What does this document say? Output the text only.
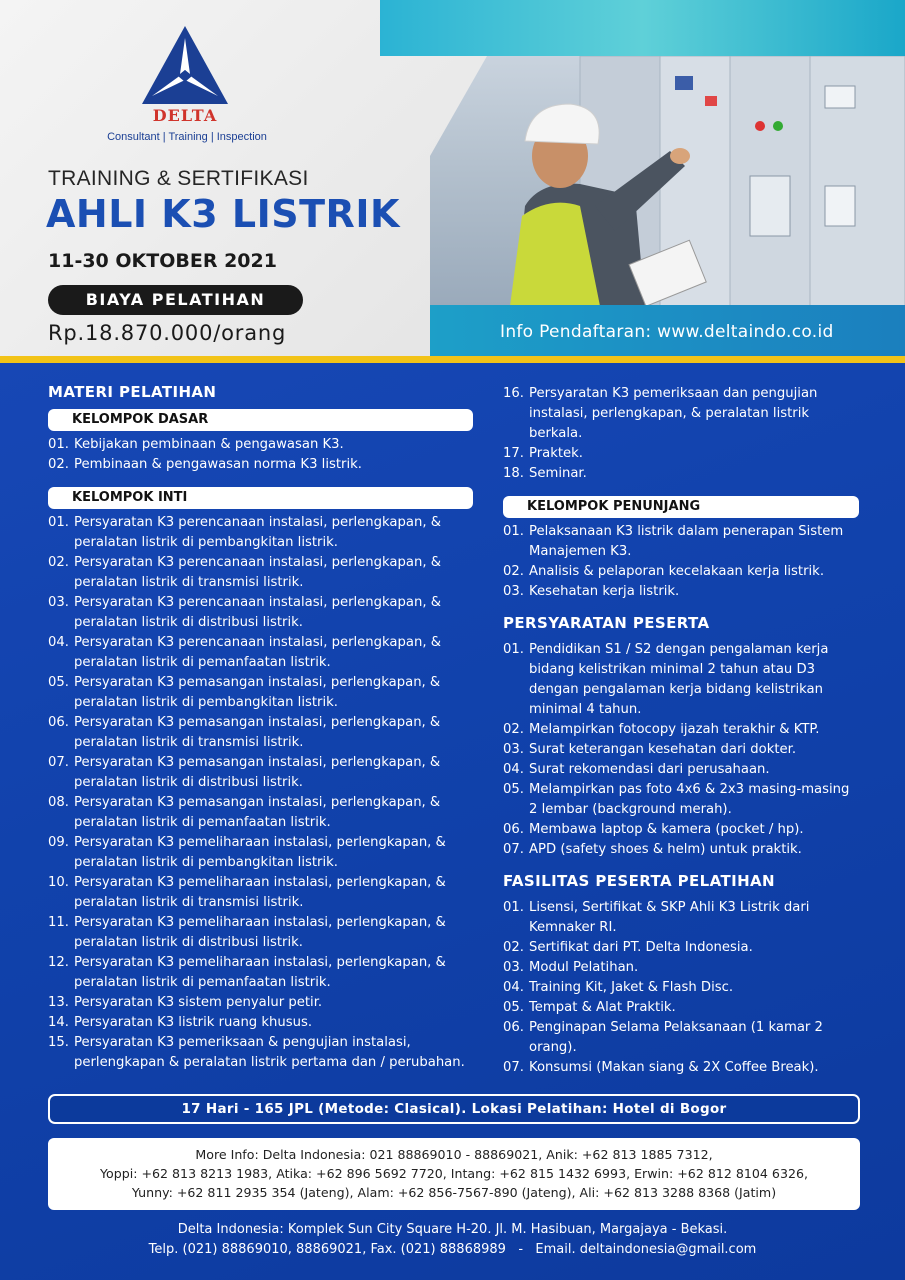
Info Pendaftaran: www.deltaindo.co.id
DELTA
Consultant | Training | Inspection
TRAINING & SERTIFIKASI
AHLI K3 LISTRIK
11-30 OKTOBER 2021
BIAYA PELATIHAN
Rp.18.870.000/orang
MATERI PELATIHAN
KELOMPOK DASAR
01. Kebijakan pembinaan & pengawasan K3.
02. Pembinaan & pengawasan norma K3 listrik.
KELOMPOK INTI
01. Persyaratan K3 perencanaan instalasi, perlengkapan, & peralatan listrik di pembangkitan listrik.
02. Persyaratan K3 perencanaan instalasi, perlengkapan, & peralatan listrik di transmisi listrik.
03. Persyaratan K3 perencanaan instalasi, perlengkapan, & peralatan listrik di distribusi listrik.
04. Persyaratan K3 perencanaan instalasi, perlengkapan, & peralatan listrik di pemanfaatan listrik.
05. Persyaratan K3 pemasangan instalasi, perlengkapan, & peralatan listrik di pembangkitan listrik.
06. Persyaratan K3 pemasangan instalasi, perlengkapan, & peralatan listrik di transmisi listrik.
07. Persyaratan K3 pemasangan instalasi, perlengkapan, & peralatan listrik di distribusi listrik.
08. Persyaratan K3 pemasangan instalasi, perlengkapan, & peralatan listrik di pemanfaatan listrik.
09. Persyaratan K3 pemeliharaan instalasi, perlengkapan, & peralatan listrik di pembangkitan listrik.
10. Persyaratan K3 pemeliharaan instalasi, perlengkapan, & peralatan listrik di transmisi listrik.
11. Persyaratan K3 pemeliharaan instalasi, perlengkapan, & peralatan listrik di distribusi listrik.
12. Persyaratan K3 pemeliharaan instalasi, perlengkapan, & peralatan listrik di pemanfaatan listrik.
13. Persyaratan K3 sistem penyalur petir.
14. Persyaratan K3 listrik ruang khusus.
15. Persyaratan K3 pemeriksaan & pengujian instalasi, perlengkapan & peralatan listrik pertama dan / perubahan.
16. Persyaratan K3 pemeriksaan dan pengujian instalasi, perlengkapan, & peralatan listrik berkala.
17. Praktek.
18. Seminar.
KELOMPOK PENUNJANG
01. Pelaksanaan K3 listrik dalam penerapan Sistem Manajemen K3.
02. Analisis & pelaporan kecelakaan kerja listrik.
03. Kesehatan kerja listrik.
PERSYARATAN PESERTA
01. Pendidikan S1 / S2 dengan pengalaman kerja bidang kelistrikan minimal 2 tahun atau D3 dengan pengalaman kerja bidang kelistrikan minimal 4 tahun.
02. Melampirkan fotocopy ijazah terakhir & KTP.
03. Surat keterangan kesehatan dari dokter.
04. Surat rekomendasi dari perusahaan.
05. Melampirkan pas foto 4x6 & 2x3 masing-masing 2 lembar (background merah).
06. Membawa laptop & kamera (pocket / hp).
07. APD (safety shoes & helm) untuk praktik.
FASILITAS PESERTA PELATIHAN
01. Lisensi, Sertifikat & SKP Ahli K3 Listrik dari Kemnaker RI.
02. Sertifikat dari PT. Delta Indonesia.
03. Modul Pelatihan.
04. Training Kit, Jaket & Flash Disc.
05. Tempat & Alat Praktik.
06. Penginapan Selama Pelaksanaan (1 kamar 2 orang).
07. Konsumsi (Makan siang & 2X Coffee Break).
17 Hari - 165 JPL (Metode: Clasical). Lokasi Pelatihan: Hotel di Bogor
More Info: Delta Indonesia: 021 88869010 - 88869021, Anik: +62 813 1885 7312,
Yoppi: +62 813 8213 1983, Atika: +62 896 5692 7720, Intang: +62 815 1432 6993, Erwin: +62 812 8104 6326,
Yunny: +62 811 2935 354 (Jateng), Alam: +62 856-7567-890 (Jateng), Ali: +62 813 3288 8368 (Jatim)
Delta Indonesia: Komplek Sun City Square H-20. Jl. M. Hasibuan, Margajaya - Bekasi.
Telp. (021) 88869010, 88869021, Fax. (021) 88868989   -   Email. deltaindonesia@gmail.com
